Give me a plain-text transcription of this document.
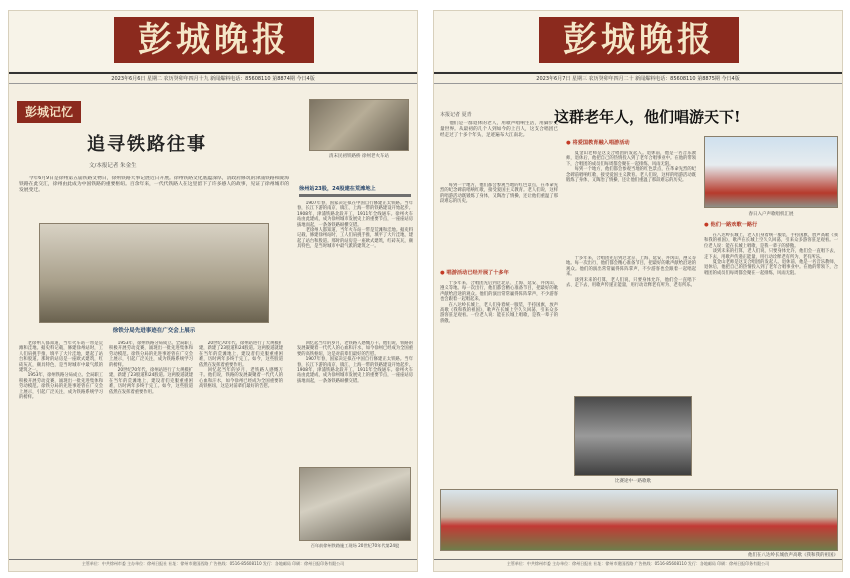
彭城晚报
2023年6月6日 星期二 农历癸卯年四月十九 新闻爆料电话：85608110 第8874期 今日4版
彭城记忆
追寻铁路往事
文/本报记者 朱金生
清末民初铁路桥 徐州老火车站

今年6月9日是徐州第五届铁路文物日，徐州铁路大事记展近日开展。徐州铁路文化底蕴深厚，清政府修筑的津浦铁路和陇海铁路在此交汇，徐州由此成为中国铁路的重要枢纽。百余年来，一代代铁路人在这里留下了许多感人的故事，见证了徐州城市的发展变迁。	徐州站23股，24股建在荒滩地上
徐铁分局先进事迹在广交会上展示

1907年春，国家决定拟在中国自行修建正太铁路。当年春，长江下游的南京、镇江、上海一带的铁路建设开始起步。1908年，津浦铁路北段开工，1911年全线通车。徐州火车站由此建成，成为徐州城市发展史上的重要节点，一座座站房拔地而起，一条条铁路纵横交错。

老徐州人都知道，当年火车站一带是荒滩和洼地。据史料记载，修建徐州站时，工人们肩挑手推，填平了大片洼地，建起了站台和股道。那时的站房是一座欧式建筑，红砖灰瓦，颇具特色，是当时城市中最气派的建筑之一。

老徐州人都知道，当年火车站一带是荒滩和洼地。据史料记载，修建徐州站时，工人们肩挑手推，填平了大片洼地，建起了站台和股道。那时的站房是一座欧式建筑，红砖灰瓦，颇具特色，是当时城市中最气派的建筑之一。

1953年，徐州铁路分局成立。全局职工积极开展劳动竞赛，涌现出一批先进集体和劳动模范。徐铁分局的先进事迹曾在广交会上展示，引起广泛关注，成为铁路系统学习的榜样。

1953年，徐州铁路分局成立。全局职工积极开展劳动竞赛，涌现出一批先进集体和劳动模范。徐铁分局的先进事迹曾在广交会上展示，引起广泛关注，成为铁路系统学习的榜样。

20世纪70年代，徐州站进行了大规模扩建，新建了23股道和24股道。这两股道就建在当年的荒滩地上，建设者们克服重重困难，历时两年多终于完工。如今，这些股道依然在发挥着重要作用。

20世纪70年代，徐州站进行了大规模扩建，新建了23股道和24股道。这两股道就建在当年的荒滩地上，建设者们克服重重困难，历时两年多终于完工。如今，这些股道依然在发挥着重要作用。

回忆起当年的岁月，老铁路人感慨万千。他们说，铁路的发展凝聚着一代代人的心血和汗水，如今徐州已经成为全国重要的高铁枢纽，这是对前辈们最好的告慰。

回忆起当年的岁月，老铁路人感慨万千。他们说，铁路的发展凝聚着一代代人的心血和汗水，如今徐州已经成为全国重要的高铁枢纽，这是对前辈们最好的告慰。

1907年春，国家决定拟在中国自行修建正太铁路。当年春，长江下游的南京、镇江、上海一带的铁路建设开始起步。1908年，津浦铁路北段开工，1911年全线通车。徐州火车站由此建成，成为徐州城市发展史上的重要节点，一座座站房拔地而起，一条条铁路纵横交错。

百年前徐州铁路施工现场 20世纪70年代第24股
主管单位：中共徐州市委 主办单位：徐州日报社 社址：徐州市建国西路 广告热线：0516-85608110 发行：各地邮局 印刷：徐州日报印务有限公司
彭城晚报
2023年6月7日 星期三 农历癸卯年四月二十 新闻爆料电话：85608110 第8875期 今日4版
这群老年人，他们唱游天下!
本报记者 夏青

他们是一群退休的老人，用歌声唱响生活，用脚步丈量世界。从最初的几个人到如今的上百人，这支合唱团已经走过了十多个年头，足迹遍布大江南北。

● 将爱国教育融入唱游活动

夏金山老师是这支合唱团的发起人。退休前，他是一名音乐教师，退休后，他把自己的热情投入到了老年合唱事业中。在他的带领下，合唱团的成员们每周都会聚在一起排练，风雨无阻。

每到一个地方，他们都会参观当地的红色景点，在革命先烈的纪念碑前唱响红歌，接受爱国主义教育。老人们说，这样的唱游活动既锻炼了身体，又陶冶了情操，还让他们重温了那段难忘的历史。

春日入户声歌唱机汇展

每到一个地方，他们都会参观当地的红色景点，在革命先烈的纪念碑前唱响红歌，接受爱国主义教育。老人们说，这样的唱游活动既锻炼了身体，又陶冶了情操，还让他们重温了那段难忘的历史。

● 唱游活动已经开展了十多年

十多年来，合唱团先后到过北京、上海、延安、井冈山、遵义等地。每一次出行，他们都会精心准备节目，把最好的歌声献给沿途的观众。他们的演出常常赢得阵阵掌声，不少游客也会跟着一起唱起来。

在八达岭长城上，老人们身着统一服装，手持国旗，放声高歌《我和我的祖国》，歌声在长城上空久久回荡，引来众多游客驻足观看。一位老人说：能在长城上唱歌，是我一辈子的骄傲。

十多年来，合唱团先后到过北京、上海、延安、井冈山、遵义等地。每一次出行，他们都会精心准备节目，把最好的歌声献给沿途的观众。他们的演出常常赢得阵阵掌声，不少游客也会跟着一起唱起来。

谈到未来的打算，老人们说，只要身体允许，他们会一直唱下去、走下去，用歌声传递正能量，用行动诠释老有所为、老有所乐。

比赛途中一路歌歌
● 他们一路欢歌一路行

在八达岭长城上，老人们身着统一服装，手持国旗，放声高歌《我和我的祖国》，歌声在长城上空久久回荡，引来众多游客驻足观看。一位老人说：能在长城上唱歌，是我一辈子的骄傲。

谈到未来的打算，老人们说，只要身体允许，他们会一直唱下去、走下去，用歌声传递正能量，用行动诠释老有所为、老有所乐。

夏金山老师是这支合唱团的发起人。退休前，他是一名音乐教师，退休后，他把自己的热情投入到了老年合唱事业中。在他的带领下，合唱团的成员们每周都会聚在一起排练，风雨无阻。

他们在八达岭长城放声高歌《我和我的祖国》
主管单位：中共徐州市委 主办单位：徐州日报社 社址：徐州市建国西路 广告热线：0516-85608110 发行：各地邮局 印刷：徐州日报印务有限公司
